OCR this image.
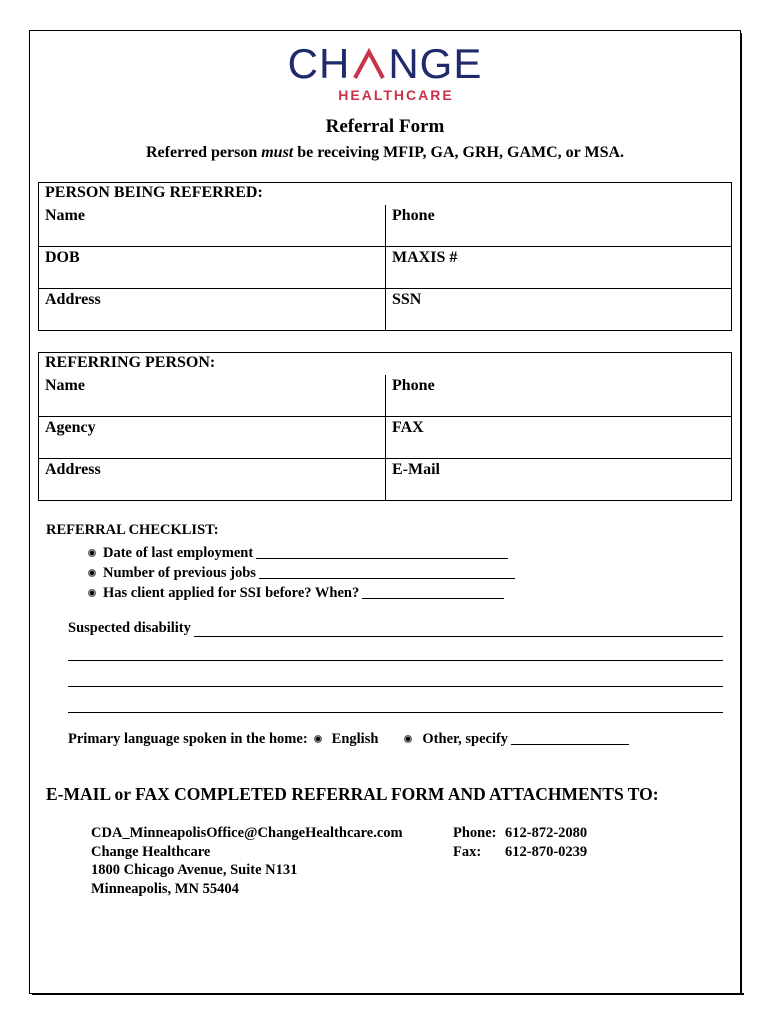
CH NGE
HEALTHCARE
Referral Form
Referred person must be receiving MFIP, GA, GRH, GAMC, or MSA.
PERSON BEING REFERRED:	
Name	Phone
DOB	MAXIS #
Address	SSN
REFERRING PERSON:	
Name	Phone
Agency	FAX
Address	E-Mail
REFERRAL CHECKLIST:
Date of last employment
Number of previous jobs
Has client applied for SSI before? When?
Suspected disability
Primary language spoken in the home: English	Other, specify
E-MAIL or FAX COMPLETED REFERRAL FORM AND ATTACHMENTS TO:
CDA_MinneapolisOffice@ChangeHealthcare.com
Change Healthcare
1800 Chicago Avenue, Suite N131
Minneapolis, MN 55404
Phone: 612-872-2080
Fax:	612-870-0239
